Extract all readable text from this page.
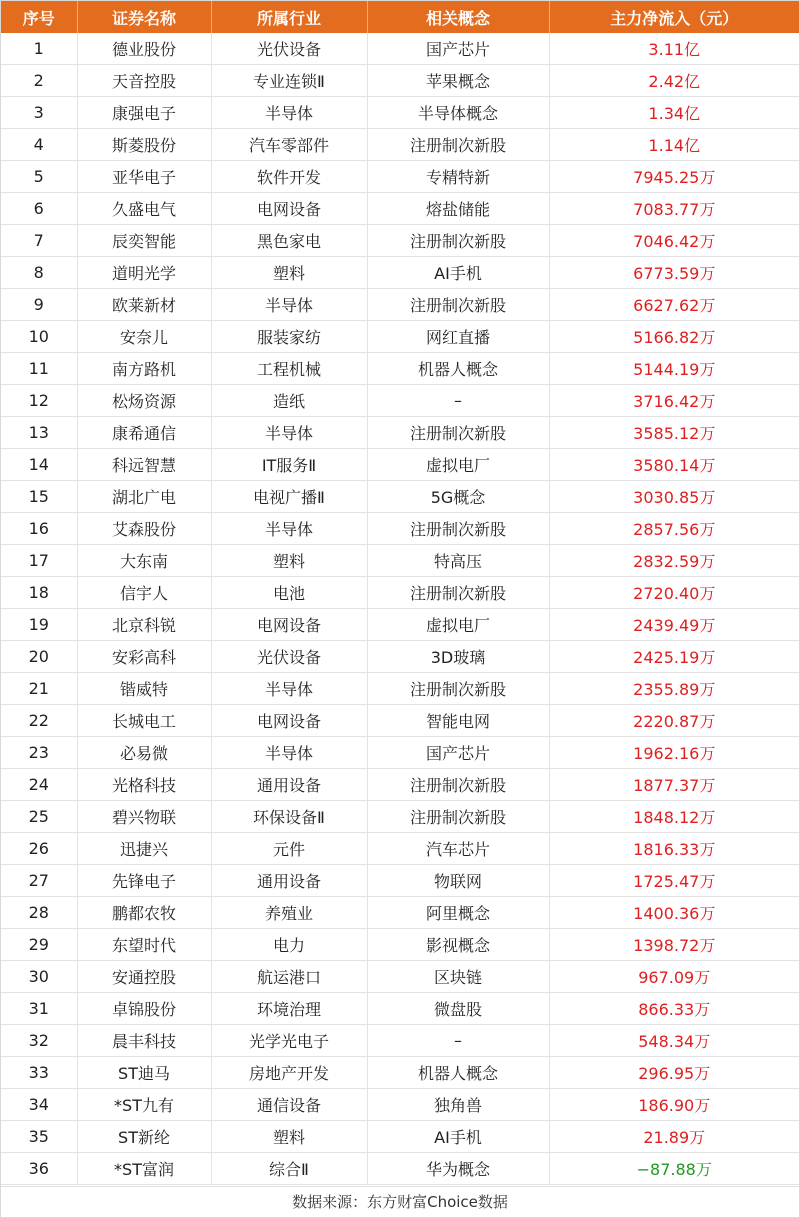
序号	证券名称	所属行业	相关概念	主力净流入（元）
1	德业股份	光伏设备	国产芯片	3.11亿
2	天音控股	专业连锁Ⅱ	苹果概念	2.42亿
3	康强电子	半导体	半导体概念	1.34亿
4	斯菱股份	汽车零部件	注册制次新股	1.14亿
5	亚华电子	软件开发	专精特新	7945.25万
6	久盛电气	电网设备	熔盐储能	7083.77万
7	辰奕智能	黑色家电	注册制次新股	7046.42万
8	道明光学	塑料	AI手机	6773.59万
9	欧莱新材	半导体	注册制次新股	6627.62万
10	安奈儿	服装家纺	网红直播	5166.82万
11	南方路机	工程机械	机器人概念	5144.19万
12	松炀资源	造纸	–	3716.42万
13	康希通信	半导体	注册制次新股	3585.12万
14	科远智慧	IT服务Ⅱ	虚拟电厂	3580.14万
15	湖北广电	电视广播Ⅱ	5G概念	3030.85万
16	艾森股份	半导体	注册制次新股	2857.56万
17	大东南	塑料	特高压	2832.59万
18	信宇人	电池	注册制次新股	2720.40万
19	北京科锐	电网设备	虚拟电厂	2439.49万
20	安彩高科	光伏设备	3D玻璃	2425.19万
21	锴威特	半导体	注册制次新股	2355.89万
22	长城电工	电网设备	智能电网	2220.87万
23	必易微	半导体	国产芯片	1962.16万
24	光格科技	通用设备	注册制次新股	1877.37万
25	碧兴物联	环保设备Ⅱ	注册制次新股	1848.12万
26	迅捷兴	元件	汽车芯片	1816.33万
27	先锋电子	通用设备	物联网	1725.47万
28	鹏都农牧	养殖业	阿里概念	1400.36万
29	东望时代	电力	影视概念	1398.72万
30	安通控股	航运港口	区块链	967.09万
31	卓锦股份	环境治理	微盘股	866.33万
32	晨丰科技	光学光电子	–	548.34万
33	ST迪马	房地产开发	机器人概念	296.95万
34	*ST九有	通信设备	独角兽	186.90万
35	ST新纶	塑料	AI手机	21.89万
36	*ST富润	综合Ⅱ	华为概念	−87.88万
数据来源：东方财富Choice数据
